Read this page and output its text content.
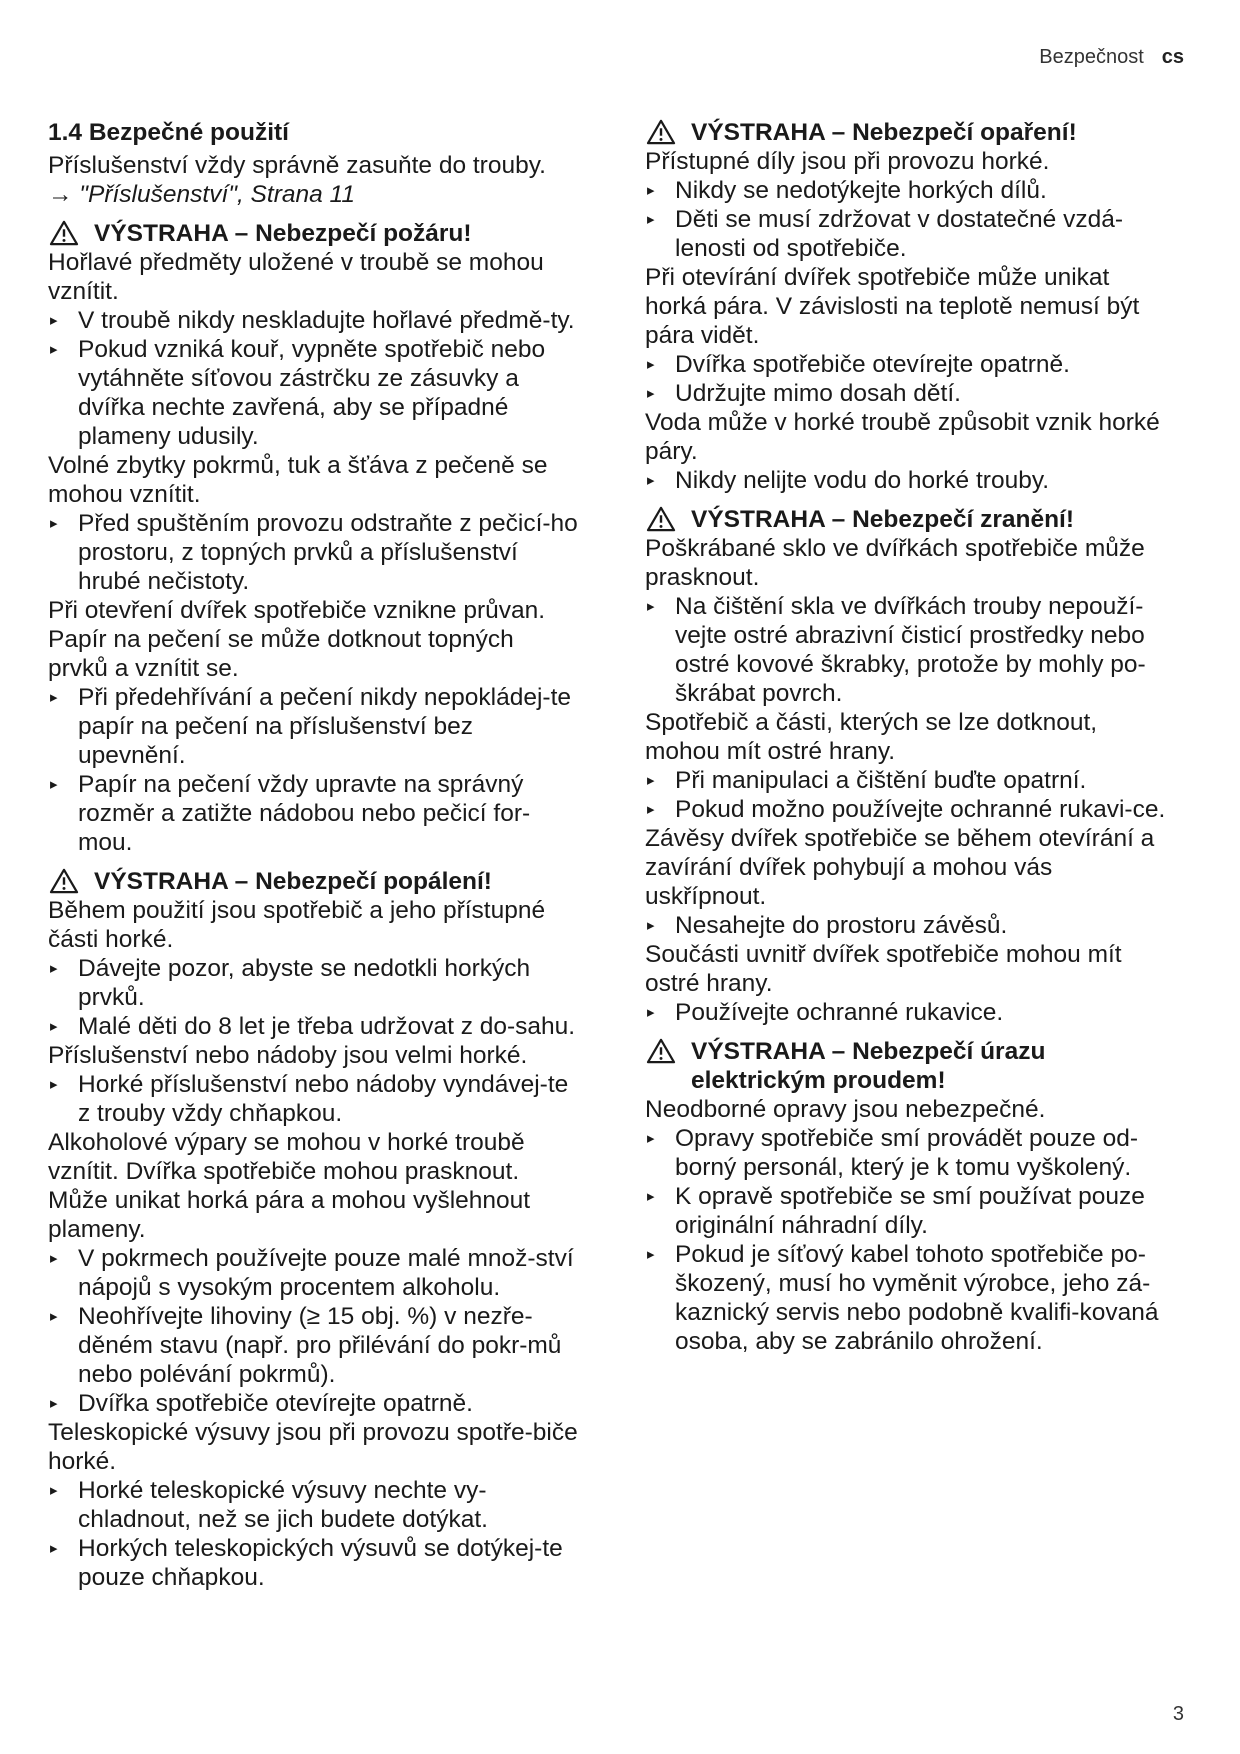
Bezpečnost cs

1.4 Bezpečné použití

Příslušenství vždy správně zasuňte do trouby.

→ "Příslušenství", Strana 11

VÝSTRAHA – Nebezpečí požáru!

Hořlavé předměty uložené v troubě se mohou vznítit.

▸ V troubě nikdy neskladujte hořlavé předmě-ty.
▸ Pokud vzniká kouř, vypněte spotřebič nebo vytáhněte síťovou zástrčku ze zásuvky a dvířka nechte zavřená, aby se případné plameny udusily.

Volné zbytky pokrmů, tuk a šťáva z pečeně se mohou vznítit.

▸ Před spuštěním provozu odstraňte z pečicí-ho prostoru, z topných prvků a příslušenství hrubé nečistoty.

Při otevření dvířek spotřebiče vznikne průvan. Papír na pečení se může dotknout topných prvků a vznítit se.

▸ Při předehřívání a pečení nikdy nepokládej-te papír na pečení na příslušenství bez upevnění.
▸ Papír na pečení vždy upravte na správný rozměr a zatižte nádobou nebo pečicí for-mou.
VÝSTRAHA – Nebezpečí popálení!

Během použití jsou spotřebič a jeho přístupné části horké.

▸ Dávejte pozor, abyste se nedotkli horkých prvků.
▸ Malé děti do 8 let je třeba udržovat z do-sahu.

Příslušenství nebo nádoby jsou velmi horké.

▸ Horké příslušenství nebo nádoby vyndávej-te z trouby vždy chňapkou.

Alkoholové výpary se mohou v horké troubě vznítit. Dvířka spotřebiče mohou prasknout. Může unikat horká pára a mohou vyšlehnout plameny.

▸ V pokrmech používejte pouze malé množ-ství nápojů s vysokým procentem alkoholu.
▸ Neohřívejte lihoviny (≥ 15 obj. %) v nezře-děném stavu (např. pro přilévání do pokr-mů nebo polévání pokrmů).
▸ Dvířka spotřebiče otevírejte opatrně.

Teleskopické výsuvy jsou při provozu spotře-biče horké.

▸ Horké teleskopické výsuvy nechte vy-chladnout, než se jich budete dotýkat.
▸ Horkých teleskopických výsuvů se dotýkej-te pouze chňapkou.
VÝSTRAHA – Nebezpečí opaření!

Přístupné díly jsou při provozu horké.

▸ Nikdy se nedotýkejte horkých dílů.
▸ Děti se musí zdržovat v dostatečné vzdá-lenosti od spotřebiče.

Při otevírání dvířek spotřebiče může unikat horká pára. V závislosti na teplotě nemusí být pára vidět.

▸ Dvířka spotřebiče otevírejte opatrně.
▸ Udržujte mimo dosah dětí.

Voda může v horké troubě způsobit vznik horké páry.

▸ Nikdy nelijte vodu do horké trouby.
VÝSTRAHA – Nebezpečí zranění!

Poškrábané sklo ve dvířkách spotřebiče může prasknout.

▸ Na čištění skla ve dvířkách trouby nepouží-vejte ostré abrazivní čisticí prostředky nebo ostré kovové škrabky, protože by mohly po-škrábat povrch.

Spotřebič a části, kterých se lze dotknout, mohou mít ostré hrany.

▸ Při manipulaci a čištění buďte opatrní.
▸ Pokud možno používejte ochranné rukavi-ce.

Závěsy dvířek spotřebiče se během otevírání a zavírání dvířek pohybují a mohou vás uskřípnout.

▸ Nesahejte do prostoru závěsů.

Součásti uvnitř dvířek spotřebiče mohou mít ostré hrany.

▸ Používejte ochranné rukavice.
VÝSTRAHA – Nebezpečí úrazu elektrickým proudem!

Neodborné opravy jsou nebezpečné.

▸ Opravy spotřebiče smí provádět pouze od-borný personál, který je k tomu vyškolený.
▸ K opravě spotřebiče se smí používat pouze originální náhradní díly.
▸ Pokud je síťový kabel tohoto spotřebiče po-škozený, musí ho vyměnit výrobce, jeho zá-kaznický servis nebo podobně kvalifi-kovaná osoba, aby se zabránilo ohrožení.
3
